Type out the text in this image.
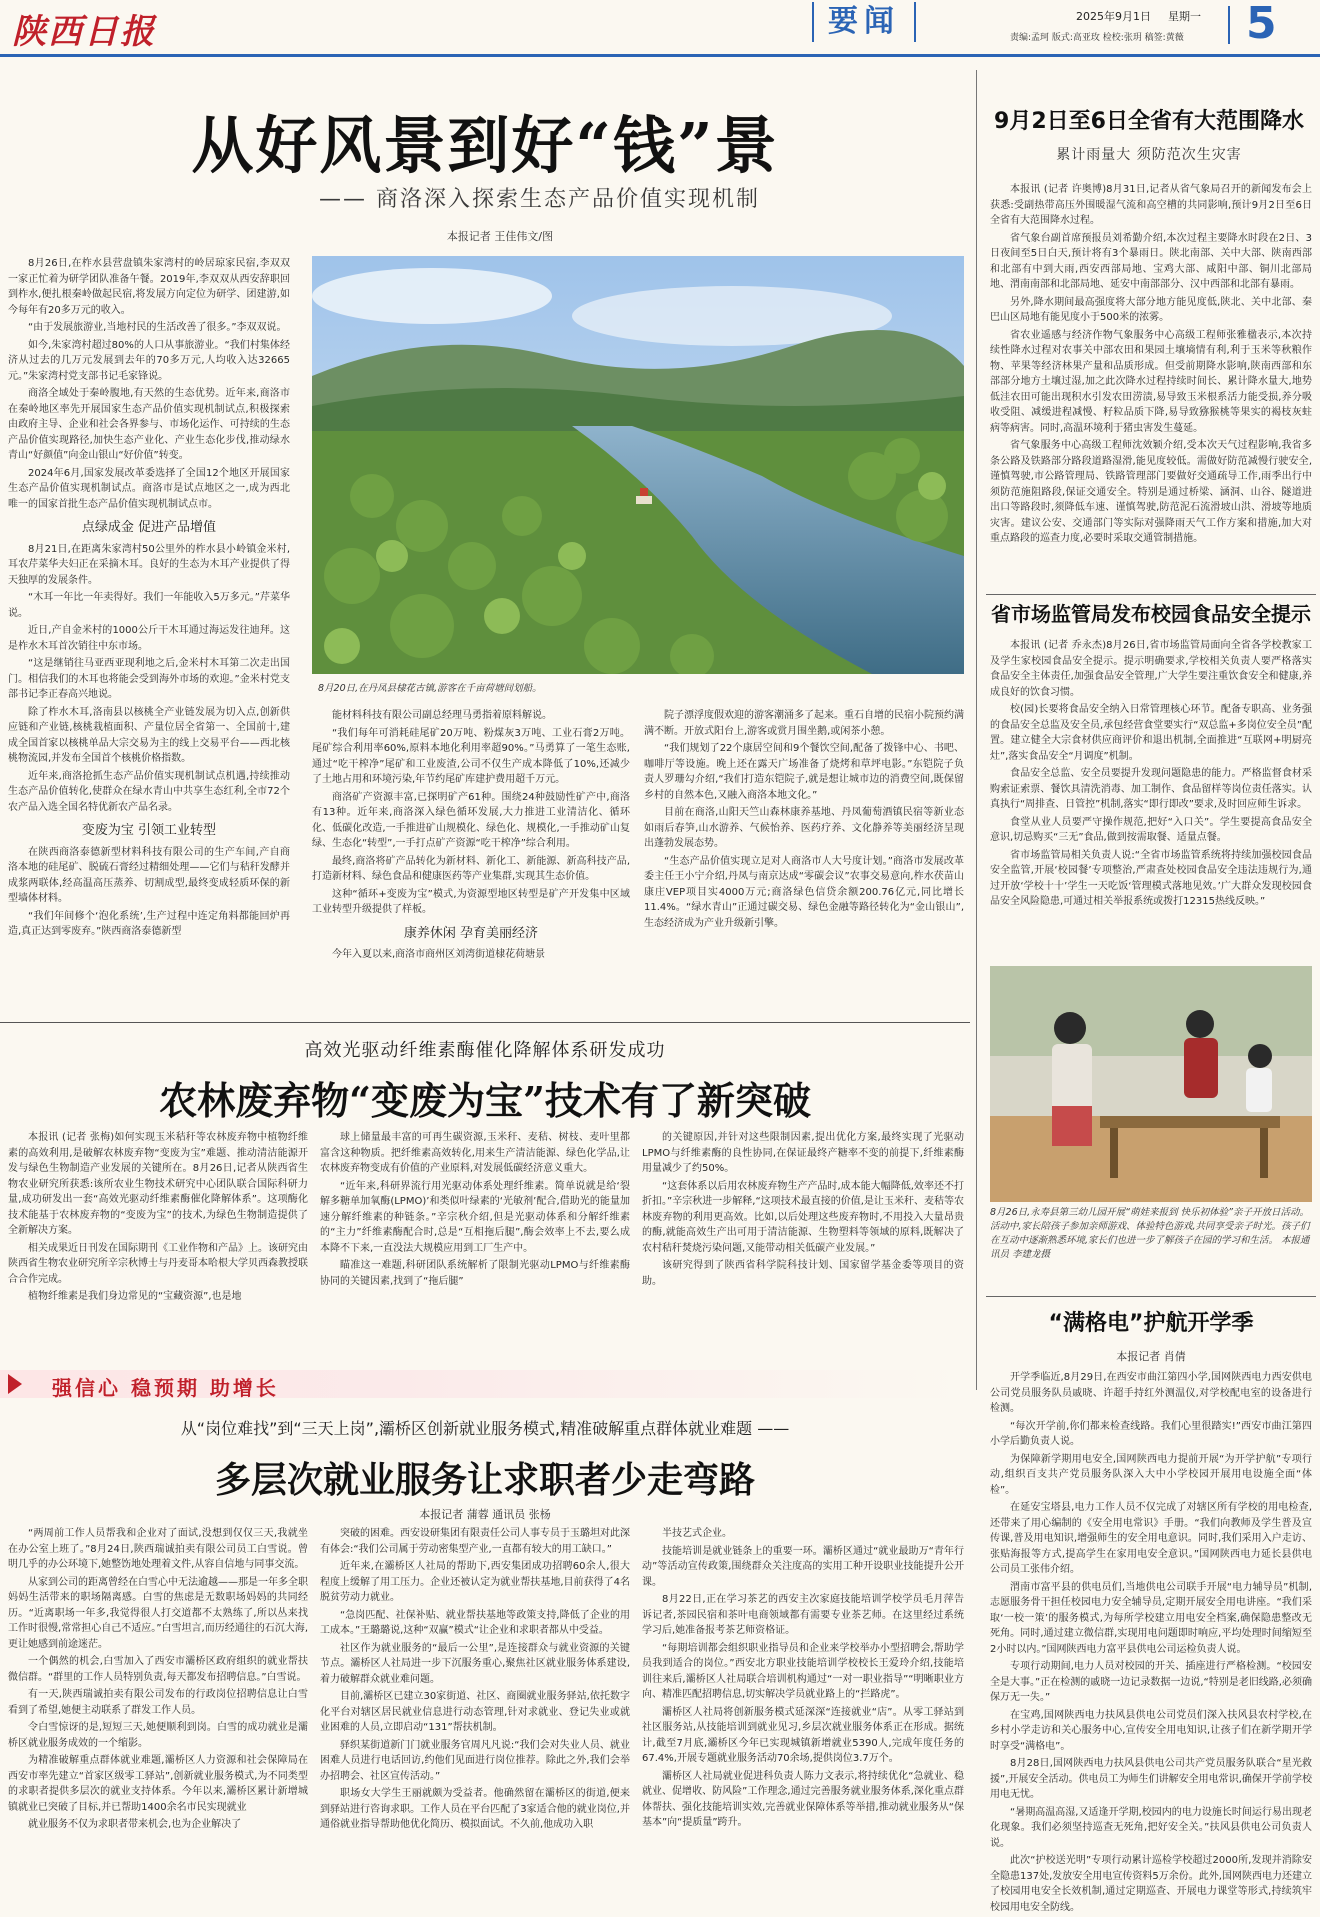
陕西日报	要闻	2025年9月1日 星期一
责编:孟珂 版式:高亚玫 检校:张玥 稿签:黄薇 5
从好风景到好“钱”景
—— 商洛深入探索生态产品价值实现机制
本报记者 王佳伟文/图

8月26日,在柞水县营盘镇朱家湾村的岭居琼家民宿,李双双一家正忙着为研学团队准备午餐。2019年,李双双从西安辞职回到柞水,便扎根秦岭做起民宿,将发展方向定位为研学、团建游,如今每年有20多万元的收入。

“由于发展旅游业,当地村民的生活改善了很多。”李双双说。

如今,朱家湾村超过80%的人口从事旅游业。“我们村集体经济从过去的几万元发展到去年的70多万元,人均收入达32665元。”朱家湾村党支部书记毛家锋说。

商洛全域处于秦岭腹地,有天然的生态优势。近年来,商洛市在秦岭地区率先开展国家生态产品价值实现机制试点,积极探索由政府主导、企业和社会各界参与、市场化运作、可持续的生态产品价值实现路径,加快生态产业化、产业生态化步伐,推动绿水青山“好颜值”向金山银山“好价值”转变。

2024年6月,国家发展改革委选择了全国12个地区开展国家生态产品价值实现机制试点。商洛市是试点地区之一,成为西北唯一的国家首批生态产品价值实现机制试点市。

点绿成金 促进产品增值

8月21日,在距离朱家湾村50公里外的柞水县小岭镇金米村,耳农芹菜华夫妇正在采摘木耳。良好的生态为木耳产业提供了得天独厚的发展条件。

“木耳一年比一年卖得好。我们一年能收入5万多元。”芹菜华说。

近日,产自金米村的1000公斤干木耳通过海运发往迪拜。这是柞水木耳首次销往中东市场。

“这是继销往马亚西亚现利地之后,金米村木耳第二次走出国门。相信我们的木耳也将能会受到海外市场的欢迎。”金米村党支部书记李正春高兴地说。

除了柞水木耳,洛南县以核桃全产业链发展为切入点,创新供应链和产业链,核桃栽植面积、产量位居全省第一、全国前十,建成全国首家以核桃单品大宗交易为主的线上交易平台——西北核桃物流园,并发布全国首个核桃价格指数。

近年来,商洛抢抓生态产品价值实现机制试点机遇,持续推动生态产品价值转化,使群众在绿水青山中共享生态红利,全市72个农产品入选全国名特优新农产品名录。

变废为宝 引领工业转型

在陕西商洛泰德新型材料科技有限公司的生产车间,产自商洛本地的硅尾矿、脱硫石膏经过精细处理——它们与秸秆发酵并成浆两联体,经高温高压蒸养、切割成型,最终变成轻质环保的新型墙体材料。

“我们年间修个‘泡化系统’,生产过程中连定角料都能回炉再造,真正达到零废弃。”陕西商洛泰德新型

8月20日,在丹凤县棣花古镇,游客在千亩荷塘间划船。

能材料科技有限公司副总经理马勇指着原料解说。

“我们每年可消耗硅尾矿20万吨、粉煤灰3万吨、工业石膏2万吨。尾矿综合利用率60%,原料本地化利用率超90%。”马勇算了一笔生态账,通过“吃干榨净”尾矿和工业废渣,公司不仅生产成本降低了10%,还减少了土地占用和环境污染,年节约尾矿库建护费用超千万元。

商洛矿产资源丰富,已探明矿产61种。围绕24种鼓励性矿产中,商洛有13种。近年来,商洛深入绿色循环发展,大力推进工业清洁化、循环化、低碳化改造,一手推进矿山规模化、绿色化、规模化,一手推动矿山复绿、生态化“转型”,一手打点矿产资源“吃干榨净”综合利用。

最终,商洛将矿产品转化为新材料、新化工、新能源、新高科技产品,打造新材料、绿色食品和健康医药等产业集群,实现其生态价值。

这种“循环+变废为宝”模式,为资源型地区转型是矿产开发集中区域工业转型升级提供了样板。

康养休闲 孕育美丽经济

今年入夏以来,商洛市商州区刘湾街道棣花荷塘景

院子漂浮度假欢迎的游客潮涌多了起来。重石自增的民宿小院预约满满不断。开放式阳台上,游客或赏月围坐鹅,或闲茶小憩。

“我们规划了22个康居空间和9个餐饮空间,配备了拨锋中心、书吧、咖啡厅等设施。晚上还在露天广场准备了烧烤和草坪电影。”东铠院子负责人罗珊勾介绍,“我们打造东铠院子,就是想让城市边的消费空间,既保留乡村的自然本色,又融入商洛本地文化。”

目前在商洛,山阳天竺山森林康养基地、丹凤葡萄酒镇民宿等新业态如雨后春笋,山水游养、气候怡养、医药疗养、文化静养等美丽经济呈现出蓬勃发展态势。

“生态产品价值实现立足对人商洛市人大号度计划。”商洛市发展改革委主任王小宁介绍,丹凤与南京达成“零碳会议”农事交易意向,柞水茯苗山康庄VEP项目实4000万元;商洛绿色信贷余额200.76亿元,同比增长11.4%。“绿水青山”正通过碳交易、绿色金融等路径转化为“金山银山”,生态经济成为产业升级新引擎。

9月2日至6日全省有大范围降水
累计雨量大 须防范次生灾害

本报讯 (记者 许奥博)8月31日,记者从省气象局召开的新闻发布会上获悉:受副热带高压外围暖湿气流和高空槽的共同影响,预计9月2日至6日全省有大范围降水过程。

省气象台副首席预报员刘希勤介绍,本次过程主要降水时段在2日、3日夜间至5日白天,预计将有3个暴雨日。陕北南部、关中大部、陕南西部和北部有中到大雨,西安西部局地、宝鸡大部、咸阳中部、铜川北部局地、渭南南部和北部局地、延安中南部部分、汉中西部和北部有暴雨。

另外,降水期间最高强度将大部分地方能见度低,陕北、关中北部、秦巴山区局地有能见度小于500米的浓雾。

省农业遥感与经济作物气象服务中心高级工程师张雅楹表示,本次持续性降水过程对农事关中部农田和果园土壤墒情有利,利于玉米等秋粮作物、苹果等经济林果产量和品质形成。但受前期降水影响,陕南西部和东部部分地方土壤过湿,加之此次降水过程持续时间长、累计降水量大,地势低洼农田可能出现积水引发农田涝渍,易导致玉米根系活力能受损,养分吸收受阻、减缓进程减慢、籽粒品质下降,易导致猕猴桃等果实的褐枝灰蛀病等病害。同时,高温环境利于猪虫害发生蔓延。

省气象服务中心高级工程师沈效颖介绍,受本次天气过程影响,我省多条公路及铁路部分路段道路湿滑,能见度较低。需做好防范减慢行驶安全,谨慎驾驶,市公路管理局、铁路管理部门要做好交通疏导工作,雨季出行中须防范施阻路段,保证交通安全。特别是通过桥梁、涵洞、山谷、隧道进出口等路段时,须降低车速、谨慎驾驶,防范泥石流滑坡山洪、滑坡等地质灾害。建议公安、交通部门等实际对强降雨天气工作方案和措施,加大对重点路段的巡查力度,必要时采取交通管制措施。

省市场监管局发布校园食品安全提示

本报讯 (记者 乔永杰)8月26日,省市场监管局面向全省各学校教家工及学生家校园食品安全提示。提示明确要求,学校相关负责人要严格落实食品安全主体责任,加强食品安全管理,广大学生要注重饮食安全和健康,养成良好的饮食习惯。

校(园)长要将食品安全纳入日常管理核心环节。配备专职高、业务强的食品安全总监及安全员,承包经营食堂要实行“双总监+多岗位安全员”配置。建立健全大宗食材供应商评价和退出机制,全面推进“互联网+明厨亮灶”,落实食品安全“月调度”机制。

食品安全总监、安全员要提升发现问题隐患的能力。严格监督食材采购索证索票、餐饮具清洗消毒、加工制作、食品留样等岗位责任落实。认真执行“周排查、日管控”机制,落实“即行即改”要求,及时回应师生诉求。

食堂从业人员要严守操作规范,把好“入口关”。学生要提高食品安全意识,切忌购买“三无”食品,做到按需取餐、适量点餐。

省市场监管局相关负责人说:“全省市场监管系统将持续加强校园食品安全监管,开展‘校园餐’专项整治,严肃查处校园食品安全违法违规行为,通过开放‘学校十十’学生一天吃饭‘管理模式落地见效。’广大群众发现校园食品安全风险隐患,可通过相关举报系统或拨打12315热线反映。”

8月26日,永寿县第三幼儿园开展“萌娃来报到 快乐初体验”亲子开放日活动。活动中,家长陪孩子参加亲师游戏、体验特色游戏,共同享受亲子时光。孩子们在互动中逐渐熟悉环境,家长们也进一步了解孩子在园的学习和生活。 本报通讯员 李建龙摄
“满格电”护航开学季
本报记者 肖倩

开学季临近,8月29日,在西安市曲江第四小学,国网陕西电力西安供电公司党员服务队员戚晓、许超手持红外测温仪,对学校配电室的设备进行检测。

“每次开学前,你们都来检查线路。我们心里很踏实!”西安市曲江第四小学后勤负责人说。

为保障新学期用电安全,国网陕西电力提前开展“为开学护航”专项行动,组织百支共产党员服务队深入大中小学校园开展用电设施全面“体检”。

在延安宝塔县,电力工作人员不仅完成了对辖区所有学校的用电检查,还带来了用心编制的《安全用电常识》手册。“我们向教师及学生普及宣传课,普及用电知识,增强师生的安全用电意识。同时,我们采用入户走访、张贴海报等方式,提高学生在家用电安全意识。”国网陕西电力延长县供电公司员工张伟介绍。

渭南市富平县的供电员们,当地供电公司联手开展“电力辅导员”机制,志愿服务骨干担任校园电力安全辅导员,定期开展安全用电讲座。“我们采取‘一校一策’的服务模式,为每所学校建立用电安全档案,确保隐患整改无死角。同时,通过建立微信群,实现用电问题即时响应,平均处理时间缩短至2小时以内。”国网陕西电力富平县供电公司运检负责人说。

专项行动期间,电力人员对校园的开关、插座进行严格检测。“校园安全是大事。”正在检测的戚晓一边记录数据一边说,“特别是老旧线路,必须确保万无一失。”

在宝鸡,国网陕西电力扶风县供电公司党员们深入扶风县农村学校,在乡村小学走访和关心服务中心,宣传安全用电知识,让孩子们在新学期开学时享受“满格电”。

8月28日,国网陕西电力扶风县供电公司共产党员服务队联合“星光救援”,开展安全活动。供电员工为师生们讲解安全用电常识,确保开学前学校用电无忧。

“暑期高温高湿,又适逢开学期,校园内的电力设施长时间运行易出现老化现象。我们必须坚持巡查无死角,把好安全关。”扶风县供电公司负责人说。

此次“护校送光明”专项行动累计巡检学校超过2000所,发现并消除安全隐患137处,发放安全用电宣传资料5万余份。此外,国网陕西电力还建立了校园用电安全长效机制,通过定期巡查、开展电力课堂等形式,持续筑牢校园用电安全防线。

高效光驱动纤维素酶催化降解体系研发成功
农林废弃物“变废为宝”技术有了新突破

本报讯 (记者 张梅)如何实现玉米秸秆等农林废弃物中植物纤维素的高效利用,是破解农林废弃物“变废为宝”难题、推动清洁能源开发与绿色生物制造产业发展的关键所在。8月26日,记者从陕西省生物农业研究所获悉:该所农业生物技术研究中心团队联合国际科研力量,成功研发出一套“高效光驱动纤维素酶催化降解体系”。这项酶化技术能基于农林废弃物的“变废为宝”的技术,为绿色生物制造提供了全新解决方案。

相关成果近日刊发在国际期刊《工业作物和产品》上。该研究由陕西省生物农业研究所辛宗秋博士与丹麦哥本哈根大学贝西森教授联合合作完成。

植物纤维素是我们身边常见的“宝藏资源”,也是地

球上储量最丰富的可再生碳资源,玉米秆、麦秸、树枝、麦叶里都富含这种物质。把纤维素高效转化,用来生产清洁能源、绿色化学品,让农林废弃物变成有价值的产业原料,对发展低碳经济意义重大。

“近年来,科研界流行用光驱动体系处理纤维素。简单说就是给‘裂解多糖单加氧酶(LPMO)’和类似叶绿素的‘光敏剂’配合,借助光的能量加速分解纤维素的种链条。”辛宗秋介绍,但是光驱动体系和分解纤维素的“主力”纤维素酶配合时,总是“互相拖后腿”,酶会效率上不去,要么成本降不下来,一直没法大规模应用到工厂生产中。

瞄准这一难题,科研团队系统解析了限制光驱动LPMO与纤维素酶协同的关键因素,找到了“拖后腿”

的关键原因,并针对这些限制因素,提出优化方案,最终实现了光驱动LPMO与纤维素酶的良性协同,在保证最终产糖率不变的前提下,纤维素酶用量减少了约50%。

“这套体系以后用农林废弃物生产产品时,成本能大幅降低,效率还不打折扣。”辛宗秋进一步解释,“这项技术最直接的价值,是让玉米秆、麦秸等农林废弃物的利用更高效。比如,以后处理这些废弃物时,不用投入大量昂贵的酶,就能高效生产出可用于清洁能源、生物塑料等领域的原料,既解决了农村秸秆焚烧污染问题,又能带动相关低碳产业发展。”

该研究得到了陕西省科学院科技计划、国家留学基金委等项目的资助。

强信心 稳预期 助增长
从“岗位难找”到“三天上岗”,灞桥区创新就业服务模式,精准破解重点群体就业难题 ——
多层次就业服务让求职者少走弯路
本报记者 蒲蓉 通讯员 张杨

“两周前工作人员帮我和企业对了面试,没想到仅仅三天,我就坐在办公室上班了。”8月24日,陕西瑞诚拍卖有限公司员工白雪说。曾明几乎的办公环境下,她整饬地处理着文件,从容自信地与同事交流。

从家到公司的距离曾经在白雪心中无法逾越——那是一年多全职妈妈生活带来的职场隔离感。白雪的焦虑是无数职场妈妈的共同经历。“近离职场一年多,我觉得很人打交道都不太熟练了,所以丛来找工作时很慢,常常担心自己不适应。”白雪坦言,而历经通往的石沉大海,更让她感到前途迷茫。

一个偶然的机会,白雪加入了西安市灞桥区政府组织的就业帮扶微信群。“群里的工作人员特别负责,每天都发布招聘信息。”白雪说。

有一天,陕西瑞诚拍卖有限公司发布的行政岗位招聘信息让白雪看到了希望,她便主动联系了群发工作人员。

令白雪惊讶的是,短短三天,她便顺利到岗。白雪的成功就业是灞桥区就业服务成效的一个缩影。

为精准破解重点群体就业难题,灞桥区人力资源和社会保障局在西安市率先建立“首家区级零工驿站”,创新就业服务模式,为不同类型的求职者提供多层次的就业支持体系。今年以来,灞桥区累计新增城镇就业已突破了目标,并已帮助1400余名市民实现就业

就业服务不仅为求职者带来机会,也为企业解决了

突破的困难。西安设研集团有限责任公司人事专员于玉璐坦对此深有体会:“我们公司属于劳动密集型产业,一直都有较大的用工缺口。”

近年来,在灞桥区人社局的帮助下,西安集团成功招聘60余人,很大程度上缓解了用工压力。企业还被认定为就业帮扶基地,目前获得了4名脱贫劳动力就业。

“急岗匹配、社保补贴、就业帮扶基地等政策支持,降低了企业的用工成本。”王璐璐说,这种“双赢”模式“让企业和求职者都从中受益。

社区作为就业服务的“最后一公里”,是连接群众与就业资源的关键节点。灞桥区人社局进一步下沉服务重心,聚焦社区就业服务体系建设,着力破解群众就业难问题。

目前,灞桥区已建立30家街道、社区、商圈就业服务驿站,依托数字化平台对辖区居民就业信息进行动态管理,针对求就业、登记失业或就业困难的人员,立即启动“131”帮扶机制。

驿织某街道新门门就业服务官周凡凡说:“我们会对失业人员、就业困难人员进行电话回访,约他们见面进行岗位推荐。除此之外,我们会举办招聘会、社区宣传活动。”

职场女大学生王丽就颇为受益者。他确然留在灞桥区的街道,便来到驿站进行咨询求职。工作人员在平台匹配了3家适合他的就业岗位,并通俗就业指导帮助他优化简历、模拟面试。不久前,他成功入职

半技艺式企业。

技能培训是就业链条上的重要一环。灞桥区通过“就业最助万“青年行动”等活动宣传政策,围绕群众关注度高的实用工种开设职业技能提升公开课。

8月22日,正在学习茶艺的西安主次家庭技能培训学校学员毛月萍告诉记者,茶园民宿和茶叶电商领域都有需要专业茶艺师。在这里经过系统学习后,她准备报考茶艺师资格证。

“每期培训都会组织职业指导员和企业来学校举办小型招聘会,帮助学员我到适合的岗位。”西安北方职业技能培训学校校长王爱玲介绍,技能培训往来后,灞桥区人社局联合培训机构通过“一对一职业指导”“明晰职业方向、精准匹配招聘信息,切实解决学员就业路上的“拦路虎”。

灞桥区人社局将创新服务模式延深深“连接就业“店”。从零工驿站到社区服务站,从技能培训到就业见习,乡层次就业服务体系正在形成。据统计,截至7月底,灞桥区今年已实现城镇新增就业5390人,完成年度任务的67.4%,开展专题就业服务活动70余场,提供岗位3.7万个。

灞桥区人社局就业促进科负责人陈力文表示,将持续优化“急就业、稳就业、促增收、防风险”工作理念,通过完善服务就业服务体系,深化重点群体帮扶、强化技能培训实效,完善就业保障体系等举措,推动就业服务从“保基本”向“提质量”跨升。
